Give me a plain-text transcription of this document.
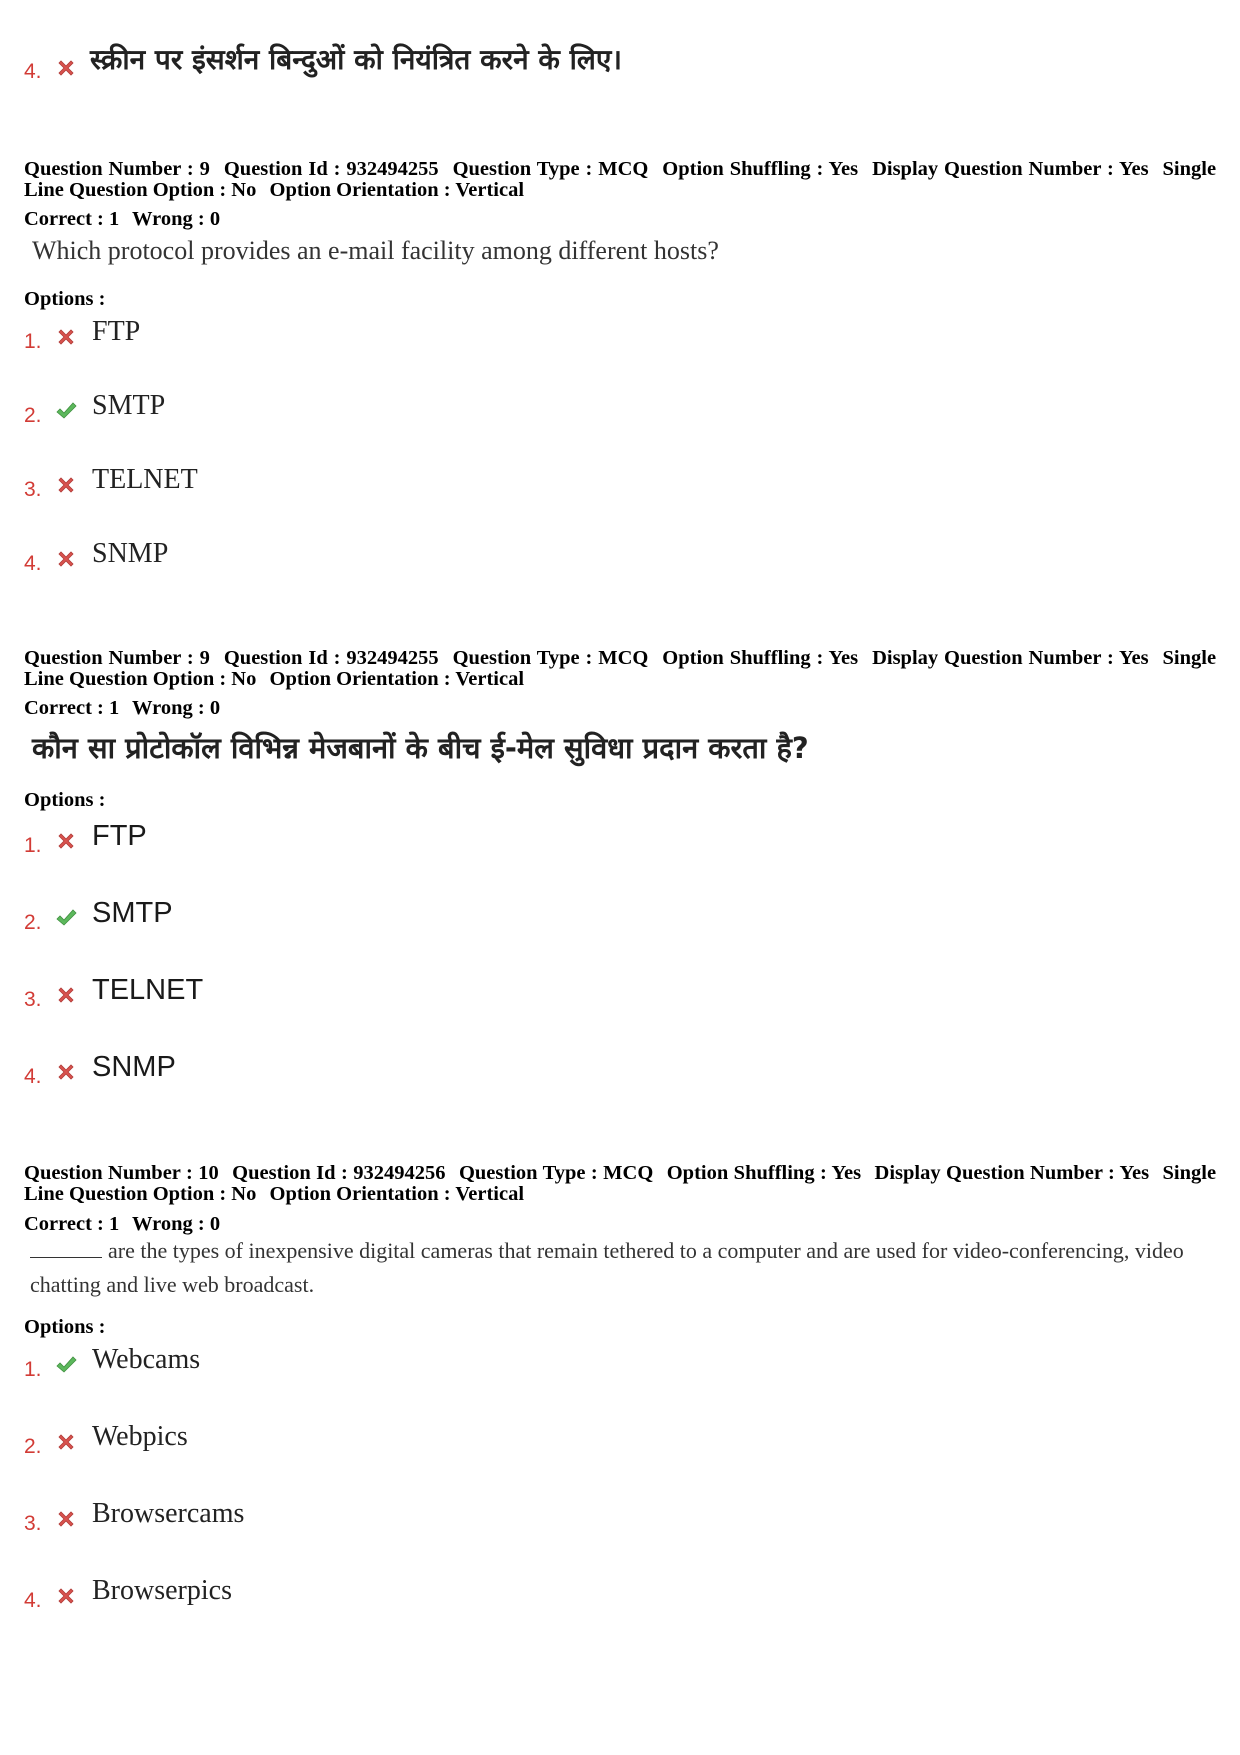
4. स्क्रीन पर इंसर्शन बिन्दुओं को नियंत्रित करने के लिए।
Question Number : 9 Question Id : 932494255 Question Type : MCQ Option Shuffling : Yes Display Question Number : Yes Single Line Question Option : No Option Orientation : Vertical
Correct : 1 Wrong : 0
Which protocol provides an e-mail facility among different hosts?
Options :
1. FTP
2. SMTP
3. TELNET
4. SNMP
Question Number : 9 Question Id : 932494255 Question Type : MCQ Option Shuffling : Yes Display Question Number : Yes Single Line Question Option : No Option Orientation : Vertical
Correct : 1 Wrong : 0
कौन सा प्रोटोकॉल विभिन्न मेजबानों के बीच ई-मेल सुविधा प्रदान करता है?
Options :
1. FTP
2. SMTP
3. TELNET
4. SNMP
Question Number : 10 Question Id : 932494256 Question Type : MCQ Option Shuffling : Yes Display Question Number : Yes Single Line Question Option : No Option Orientation : Vertical
Correct : 1 Wrong : 0
are the types of inexpensive digital cameras that remain tethered to a computer and are used for video-conferencing, video chatting and live web broadcast.
Options :
1. Webcams
2. Webpics
3. Browsercams
4. Browserpics
